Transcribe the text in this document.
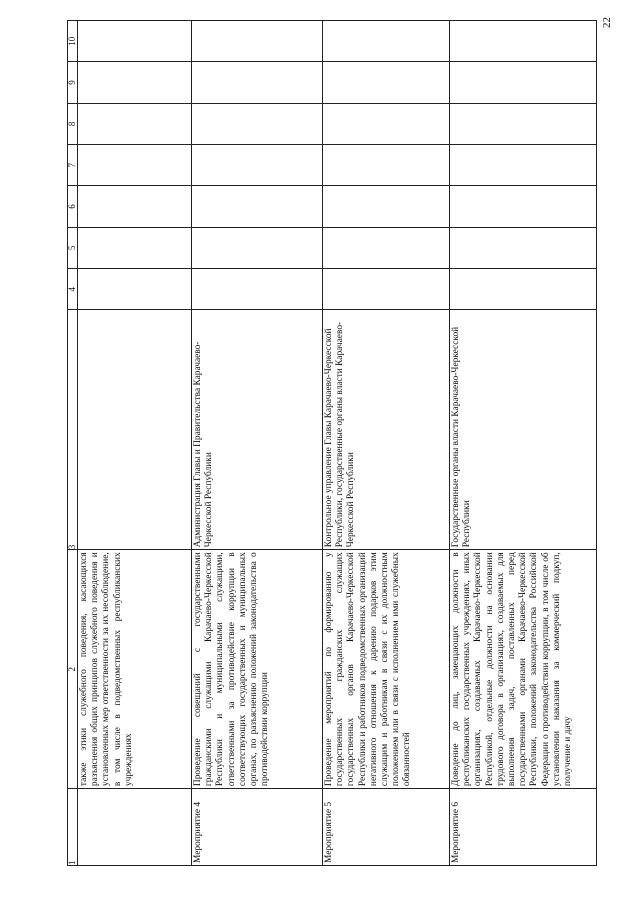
22
1	2	3	4	5	6	7	8	9	10
	также этики служебного поведения, касающихся разъяснения общих принципов служебного поведения и установленных мер ответственности за их несоблюдение, в том числе в подведомственных республиканских учреждениях								
Мероприятие 4	Проведение совещаний с государственными гражданскими служащими Карачаево-Черкесской Республики и муниципальными служащими, ответственными за противодействие коррупции в соответствующих государственных и муниципальных органах, по разъяснению положений законодательства о противодействии коррупции	Администрация Главы и Правительства Карачаево-Черкесской Республики							
Мероприятие 5	Проведение мероприятий по формированию у государственных гражданских служащих государственных органов Карачаево-Черкесской Республики и работников подведомственных организаций негативного отношения к дарению подарков этим служащим и работникам в связи с их должностным положением или в связи с исполнением ими служебных обязанностей	Контрольное управление Главы Карачаево-Черкесской Республики, государственные органы власти Карачаево-Черкесской Республики							
Мероприятие 6	Доведение до лиц, замещающих должности в республиканских государственных учреждениях, иных организациях, создаваемых Карачаево-Черкесской Республикой, отдельные должности на основании трудового договора в организациях, создаваемых для выполнения задач, поставленных перед государственными органами Карачаево-Черкесской Республики, положений законодательства Российской Федерации о противодействии коррупции, в том числе об установлении наказания за коммерческий подкуп, получение и дачу	Государственные органы власти Карачаево-Черкесской Республики							
